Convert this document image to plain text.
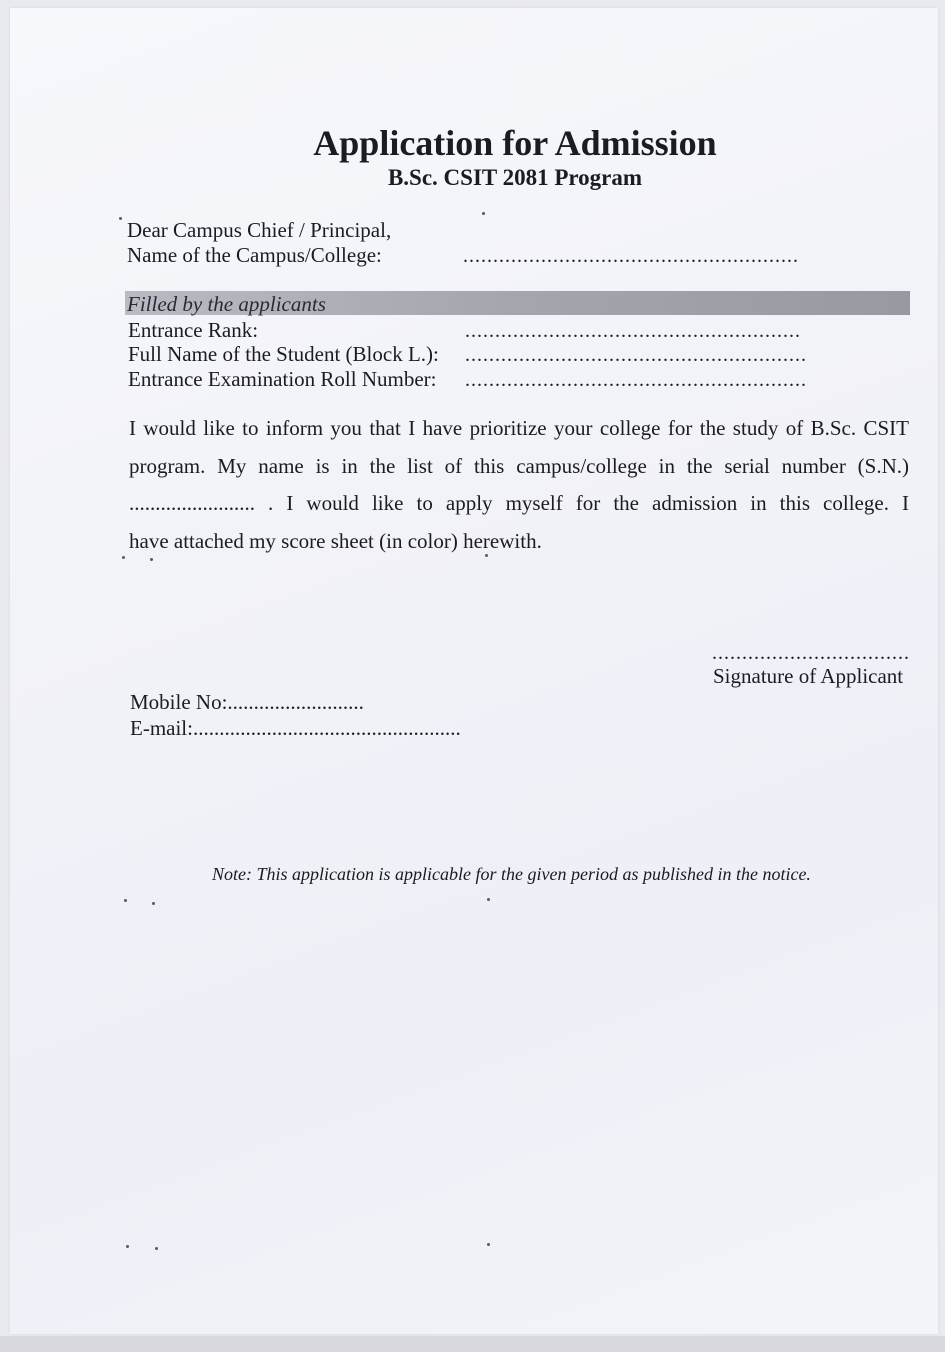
Application for Admission
B.Sc. CSIT 2081 Program
Dear Campus Chief / Principal,
Name of the Campus/College:	........................................................
Filled by the applicants
Entrance Rank:	........................................................
Full Name of the Student (Block L.): .........................................................
Entrance Examination Roll Number: .........................................................

I would like to inform you that I have prioritize your college for the study of B.Sc. CSIT

program. My name is in the list of this campus/college in the serial number (S.N.)

........................ . I would like to apply myself for the admission in this college. I

have attached my score sheet (in color) herewith.

.................................
Signature of Applicant
Mobile No:..........................
E-mail:...................................................
Note: This application is applicable for the given period as published in the notice.
